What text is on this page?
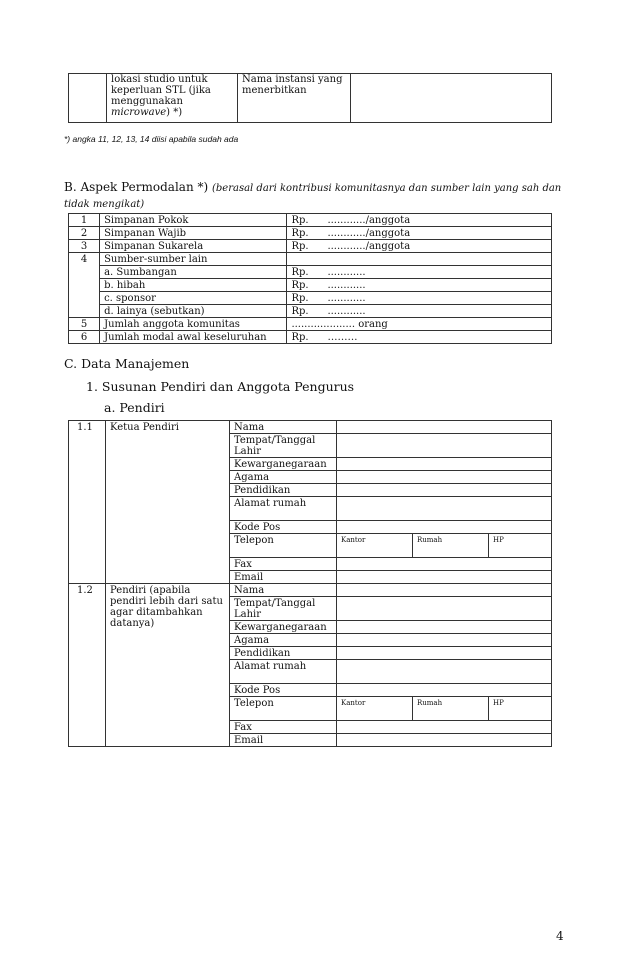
	lokasi studio untuk keperluan STL (jika menggunakan microwave) *)	Nama instansi yang menerbitkan	
*) angka 11, 12, 13, 14 diisi apabila sudah ada
B. Aspek Permodalan *) (berasal dari kontribusi komunitasnya dan sumber lain yang sah dan tidak mengikat)
1	Simpanan Pokok	Rp. ............/anggota
2	Simpanan Wajib	Rp. ............/anggota
3	Simpanan Sukarela	Rp. ............/anggota
4	Sumber-sumber lain	
	a. Sumbangan	Rp. ............
	b. hibah	Rp. ............
	c. sponsor	Rp. ............
	d. lainya (sebutkan)	Rp. ............
5	Jumlah anggota komunitas	.................... orang
6	Jumlah modal awal keseluruhan	Rp. ………
C. Data Manajemen
1. Susunan Pendiri dan Anggota Pengurus
a. Pendiri
1.1	Ketua Pendiri	Nama			
		Tempat/Tanggal Lahir			
		Kewarganegaraan			
		Agama			
		Pendidikan			
		Alamat rumah			
		Kode Pos			
		Telepon	Kantor	Rumah	HP
		Fax			
		Email			
1.2	Pendiri (apabila pendiri lebih dari satu agar ditambahkan datanya)	Nama			
		Tempat/Tanggal Lahir			
		Kewarganegaraan			
		Agama			
		Pendidikan			
		Alamat rumah			
		Kode Pos			
		Telepon	Kantor	Rumah	HP
		Fax			
		Email			
4
